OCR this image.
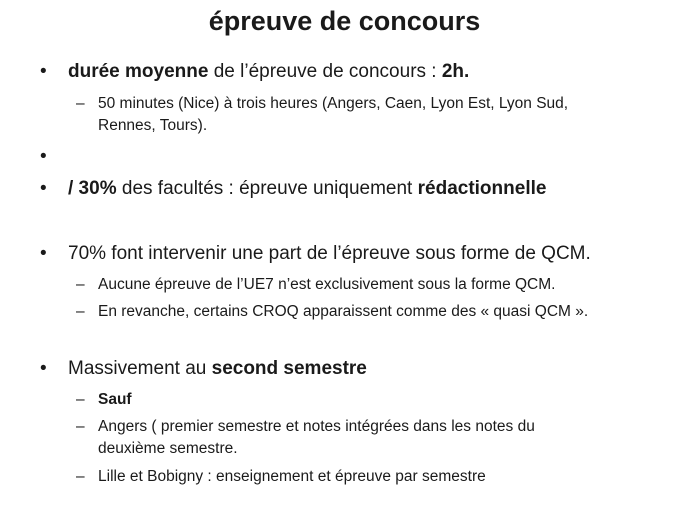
épreuve de concours
•	durée moyenne de l’épreuve de concours : 2h.
– 50 minutes (Nice) à trois heures (Angers, Caen, Lyon Est, Lyon Sud,
Rennes, Tours).
•
•	/ 30% des facultés : épreuve uniquement rédactionnelle
•	70% font intervenir une part de l’épreuve sous forme de QCM.
– Aucune épreuve de l’UE7 n’est exclusivement sous la forme QCM.
– En revanche, certains CROQ apparaissent comme des « quasi QCM ».
•	Massivement au second semestre
– Sauf
– Angers ( premier semestre et notes intégrées dans les notes du
deuxième semestre.
– Lille et Bobigny : enseignement et épreuve par semestre
